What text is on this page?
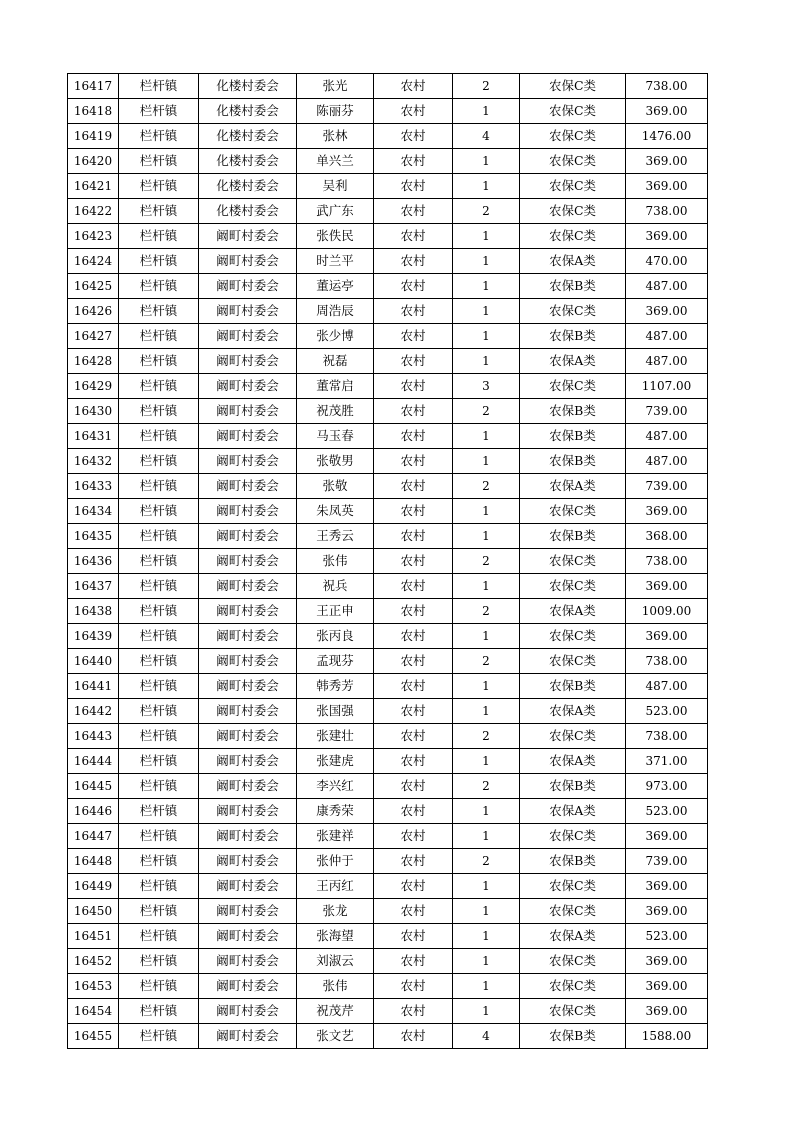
16417	栏杆镇	化楼村委会	张光	农村	2	农保C类	738.00
16418	栏杆镇	化楼村委会	陈丽芬	农村	1	农保C类	369.00
16419	栏杆镇	化楼村委会	张林	农村	4	农保C类	1476.00
16420	栏杆镇	化楼村委会	单兴兰	农村	1	农保C类	369.00
16421	栏杆镇	化楼村委会	吴利	农村	1	农保C类	369.00
16422	栏杆镇	化楼村委会	武广东	农村	2	农保C类	738.00
16423	栏杆镇	阚町村委会	张佚民	农村	1	农保C类	369.00
16424	栏杆镇	阚町村委会	时兰平	农村	1	农保A类	470.00
16425	栏杆镇	阚町村委会	董运亭	农村	1	农保B类	487.00
16426	栏杆镇	阚町村委会	周浩辰	农村	1	农保C类	369.00
16427	栏杆镇	阚町村委会	张少博	农村	1	农保B类	487.00
16428	栏杆镇	阚町村委会	祝磊	农村	1	农保A类	487.00
16429	栏杆镇	阚町村委会	董常启	农村	3	农保C类	1107.00
16430	栏杆镇	阚町村委会	祝茂胜	农村	2	农保B类	739.00
16431	栏杆镇	阚町村委会	马玉春	农村	1	农保B类	487.00
16432	栏杆镇	阚町村委会	张敬男	农村	1	农保B类	487.00
16433	栏杆镇	阚町村委会	张敬	农村	2	农保A类	739.00
16434	栏杆镇	阚町村委会	朱凤英	农村	1	农保C类	369.00
16435	栏杆镇	阚町村委会	王秀云	农村	1	农保B类	368.00
16436	栏杆镇	阚町村委会	张伟	农村	2	农保C类	738.00
16437	栏杆镇	阚町村委会	祝兵	农村	1	农保C类	369.00
16438	栏杆镇	阚町村委会	王正申	农村	2	农保A类	1009.00
16439	栏杆镇	阚町村委会	张丙良	农村	1	农保C类	369.00
16440	栏杆镇	阚町村委会	孟现芬	农村	2	农保C类	738.00
16441	栏杆镇	阚町村委会	韩秀芳	农村	1	农保B类	487.00
16442	栏杆镇	阚町村委会	张国强	农村	1	农保A类	523.00
16443	栏杆镇	阚町村委会	张建壮	农村	2	农保C类	738.00
16444	栏杆镇	阚町村委会	张建虎	农村	1	农保A类	371.00
16445	栏杆镇	阚町村委会	李兴红	农村	2	农保B类	973.00
16446	栏杆镇	阚町村委会	康秀荣	农村	1	农保A类	523.00
16447	栏杆镇	阚町村委会	张建祥	农村	1	农保C类	369.00
16448	栏杆镇	阚町村委会	张仲于	农村	2	农保B类	739.00
16449	栏杆镇	阚町村委会	王丙红	农村	1	农保C类	369.00
16450	栏杆镇	阚町村委会	张龙	农村	1	农保C类	369.00
16451	栏杆镇	阚町村委会	张海望	农村	1	农保A类	523.00
16452	栏杆镇	阚町村委会	刘淑云	农村	1	农保C类	369.00
16453	栏杆镇	阚町村委会	张伟	农村	1	农保C类	369.00
16454	栏杆镇	阚町村委会	祝茂芹	农村	1	农保C类	369.00
16455	栏杆镇	阚町村委会	张文艺	农村	4	农保B类	1588.00
